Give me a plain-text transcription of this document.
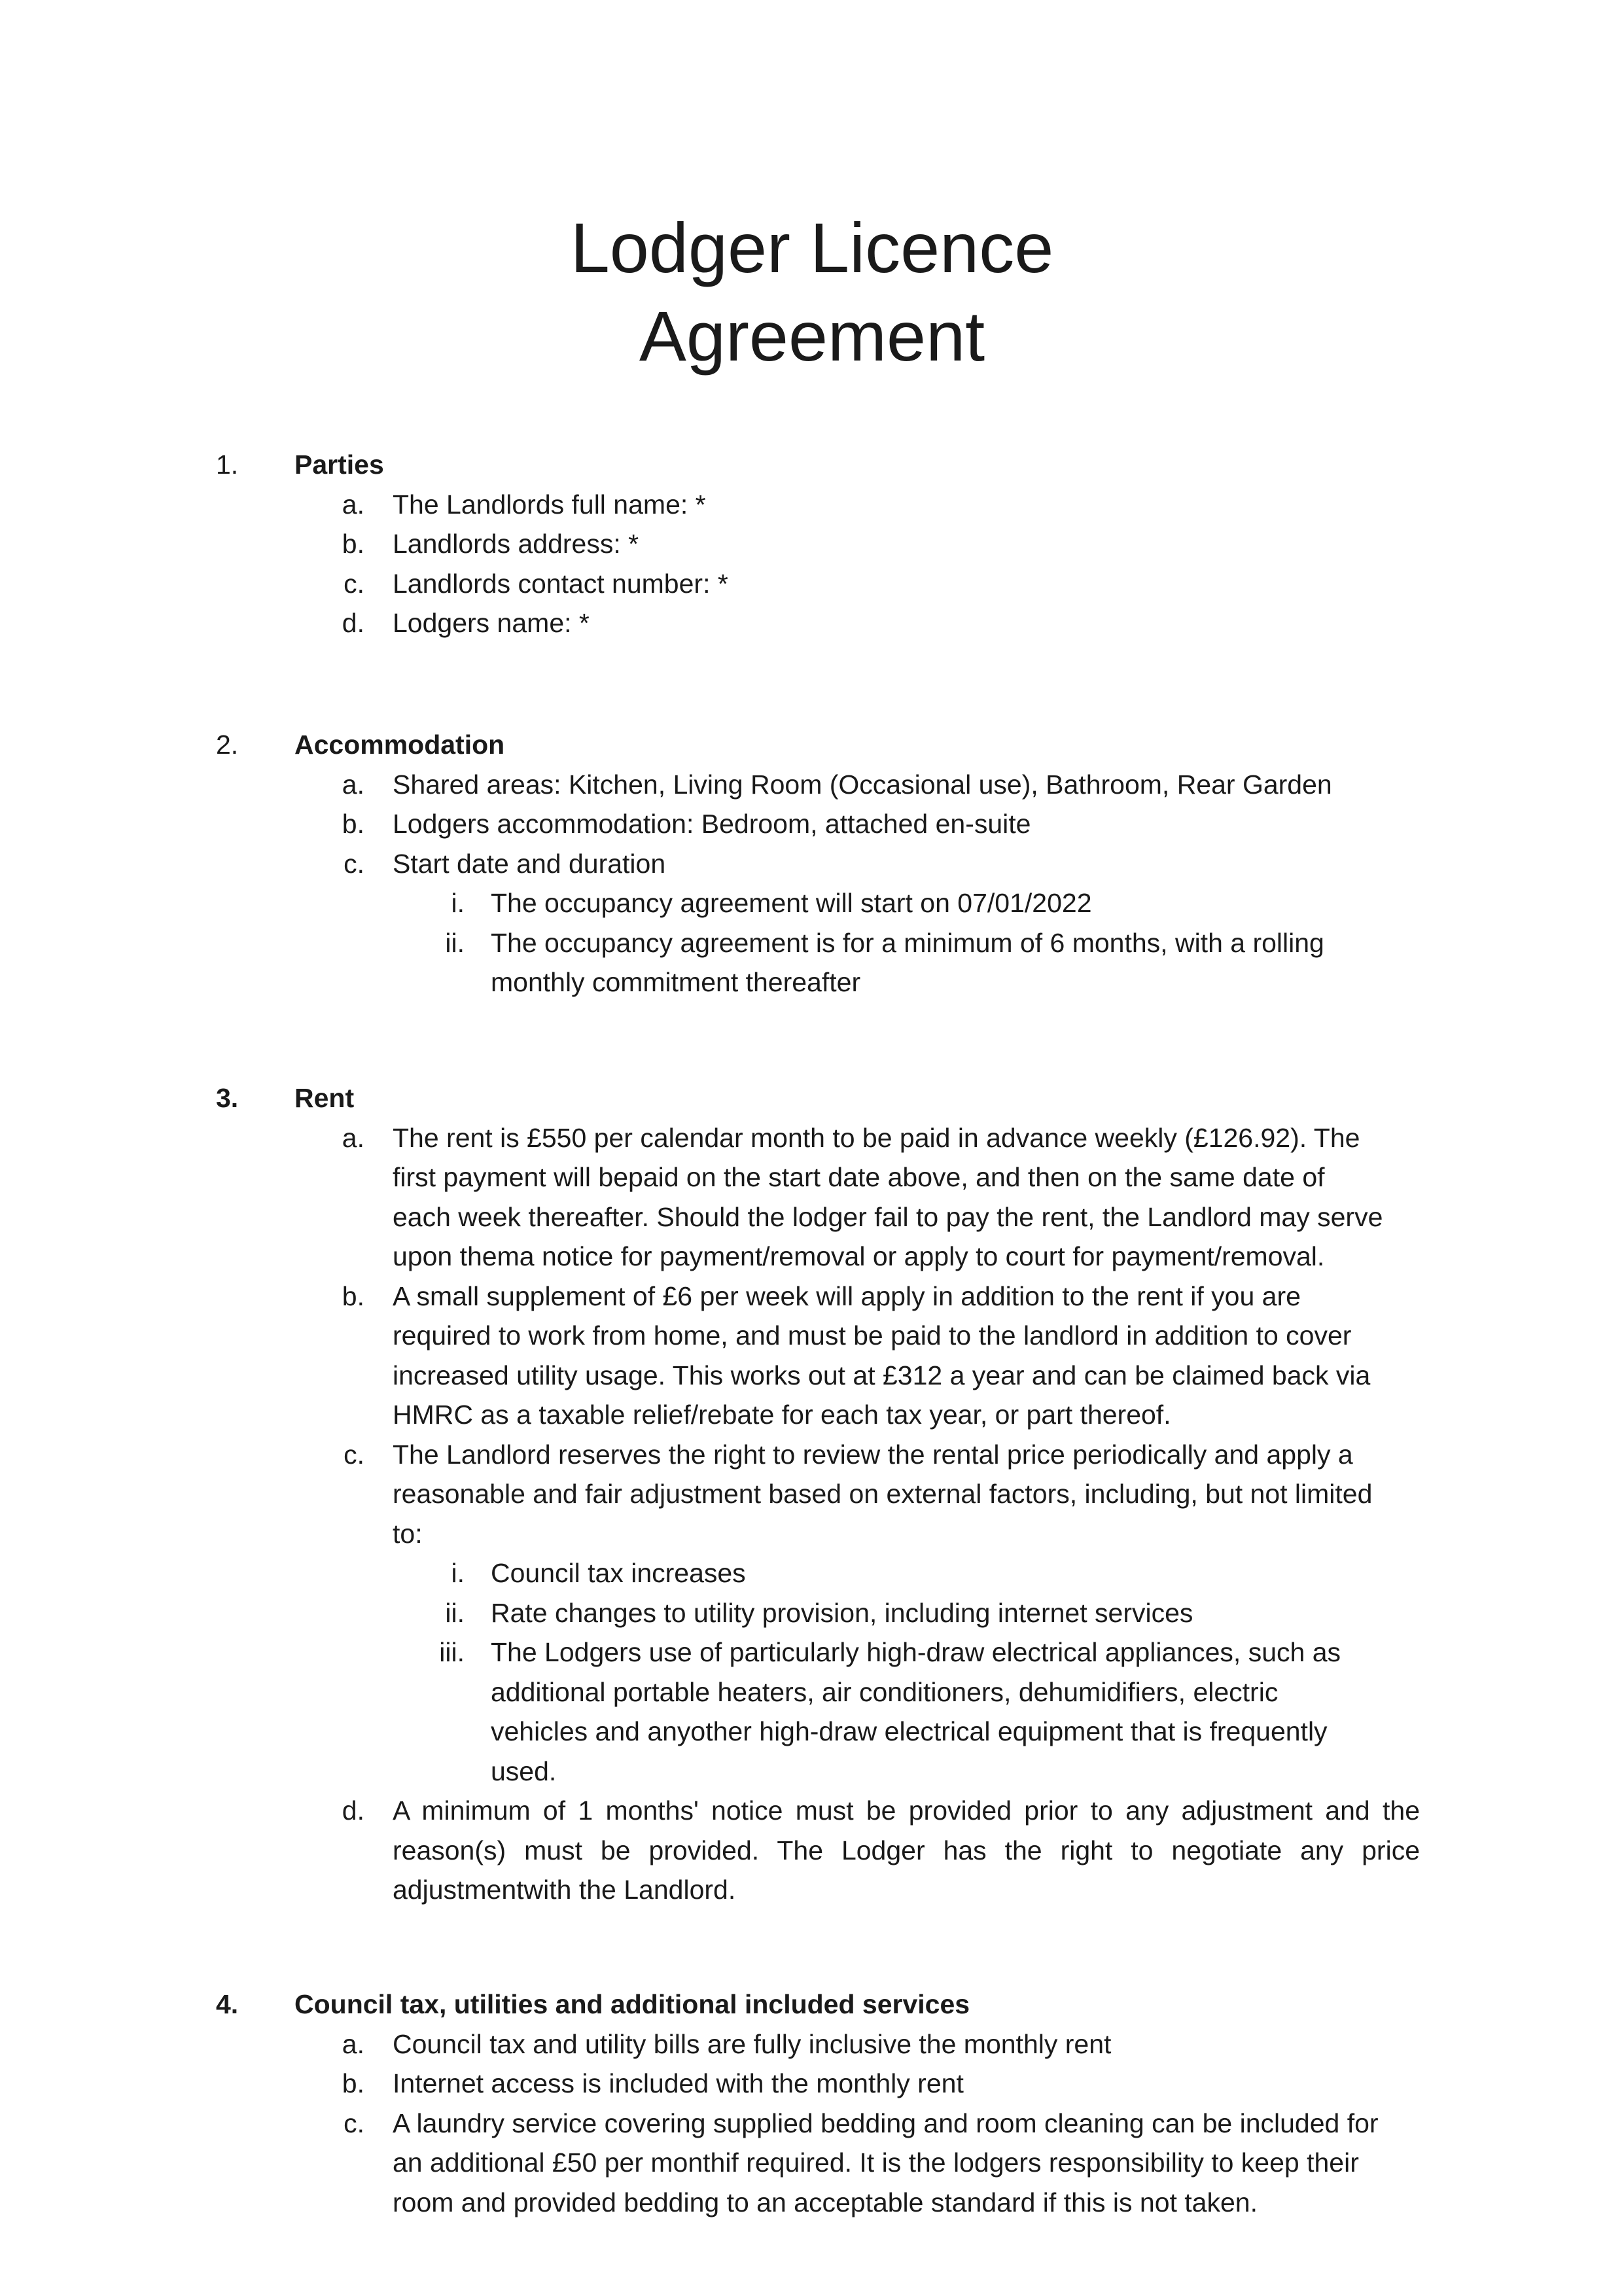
Lodger Licence
Agreement
1.	Parties
a. The Landlords full name: *
b. Landlords address: *
c. Landlords contact number: *
d. Lodgers name: *
2.	Accommodation
a. Shared areas: Kitchen, Living Room (Occasional use), Bathroom, Rear Garden
b. Lodgers accommodation: Bedroom, attached en-suite
c. Start date and duration
i. The occupancy agreement will start on 07/01/2022
ii. The occupancy agreement is for a minimum of 6 months, with a rolling
monthly commitment thereafter
3.	Rent
a. The rent is £550 per calendar month to be paid in advance weekly (£126.92). The
first payment will bepaid on the start date above, and then on the same date of
each week thereafter. Should the lodger fail to pay the rent, the Landlord may serve
upon thema notice for payment/removal or apply to court for payment/removal.
b. A small supplement of £6 per week will apply in addition to the rent if you are
required to work from home, and must be paid to the landlord in addition to cover
increased utility usage. This works out at £312 a year and can be claimed back via
HMRC as a taxable relief/rebate for each tax year, or part thereof.
c. The Landlord reserves the right to review the rental price periodically and apply a
reasonable and fair adjustment based on external factors, including, but not limited
to:
i. Council tax increases
ii. Rate changes to utility provision, including internet services
iii. The Lodgers use of particularly high-draw electrical appliances, such as
additional portable heaters, air conditioners, dehumidifiers, electric
vehicles and anyother high-draw electrical equipment that is frequently
used.
d. A minimum of 1 months' notice must be provided prior to any adjustment and the
reason(s) must be provided. The Lodger has the right to negotiate any price
adjustmentwith the Landlord.
4.	Council tax, utilities and additional included services
a. Council tax and utility bills are fully inclusive the monthly rent
b. Internet access is included with the monthly rent
c. A laundry service covering supplied bedding and room cleaning can be included for
an additional £50 per monthif required. It is the lodgers responsibility to keep their
room and provided bedding to an acceptable standard if this is not taken.
